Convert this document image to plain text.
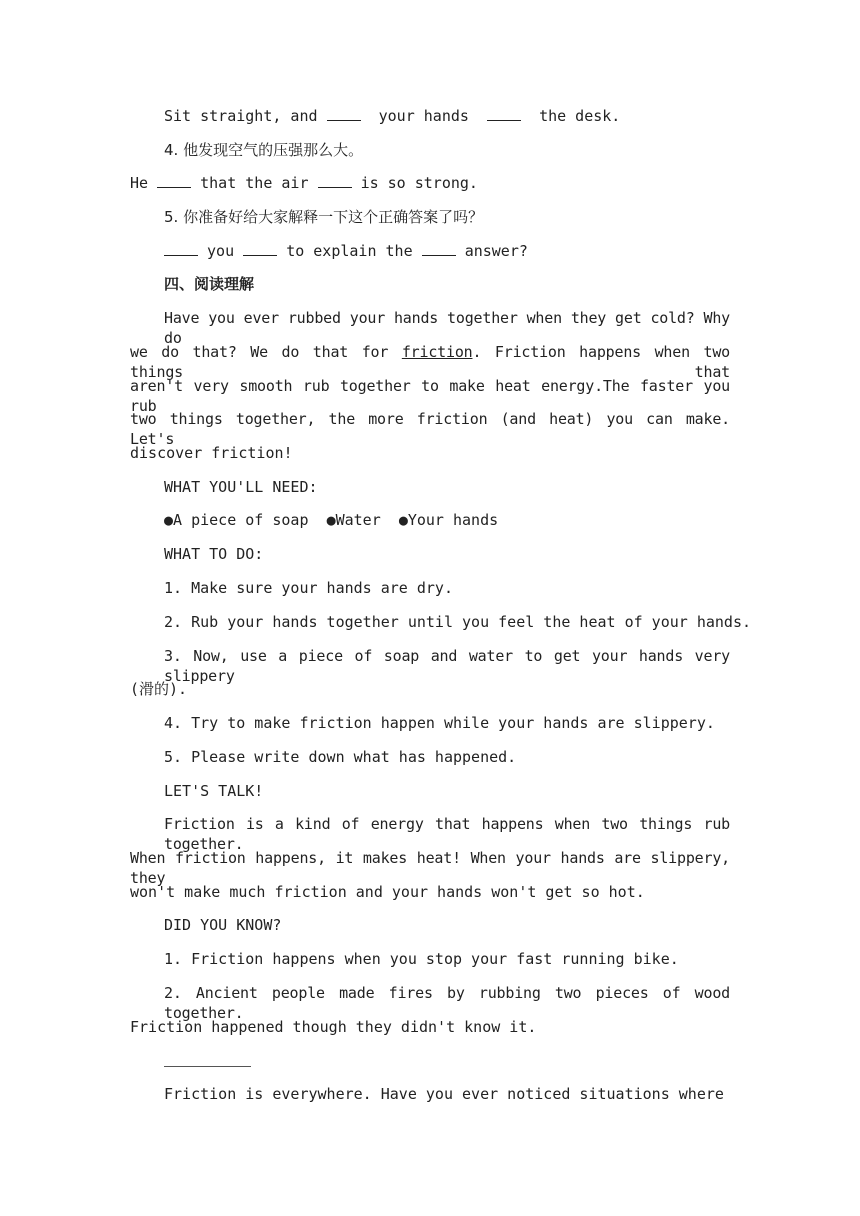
Sit straight, and	your hands	the desk.

4. 他发现空气的压强那么大。

He	that the air	is so strong.

5. 你准备好给大家解释一下这个正确答案了吗？

you	to explain the	answer?

四、阅读理解

Have you ever rubbed your hands together when they get cold? Why do

we do that? We do that for friction. Friction happens when two things that

aren't very smooth rub together to make heat energy.The faster you rub

two things together, the more friction (and heat) you can make. Let's

discover friction!

WHAT YOU'LL NEED:

●A piece of soap ●Water ●Your hands

WHAT TO DO:

1. Make sure your hands are dry.

2. Rub your hands together until you feel the heat of your hands.

3. Now, use a piece of soap and water to get your hands very slippery

(滑的).

4. Try to make friction happen while your hands are slippery.

5. Please write down what has happened.

LET'S TALK!

Friction is a kind of energy that happens when two things rub together.

When friction happens, it makes heat! When your hands are slippery, they

won't make much friction and your hands won't get so hot.

DID YOU KNOW?

1. Friction happens when you stop your fast running bike.

2. Ancient people made fires by rubbing two pieces of wood together.

Friction happened though they didn't know it.

Friction is everywhere. Have you ever noticed situations where
